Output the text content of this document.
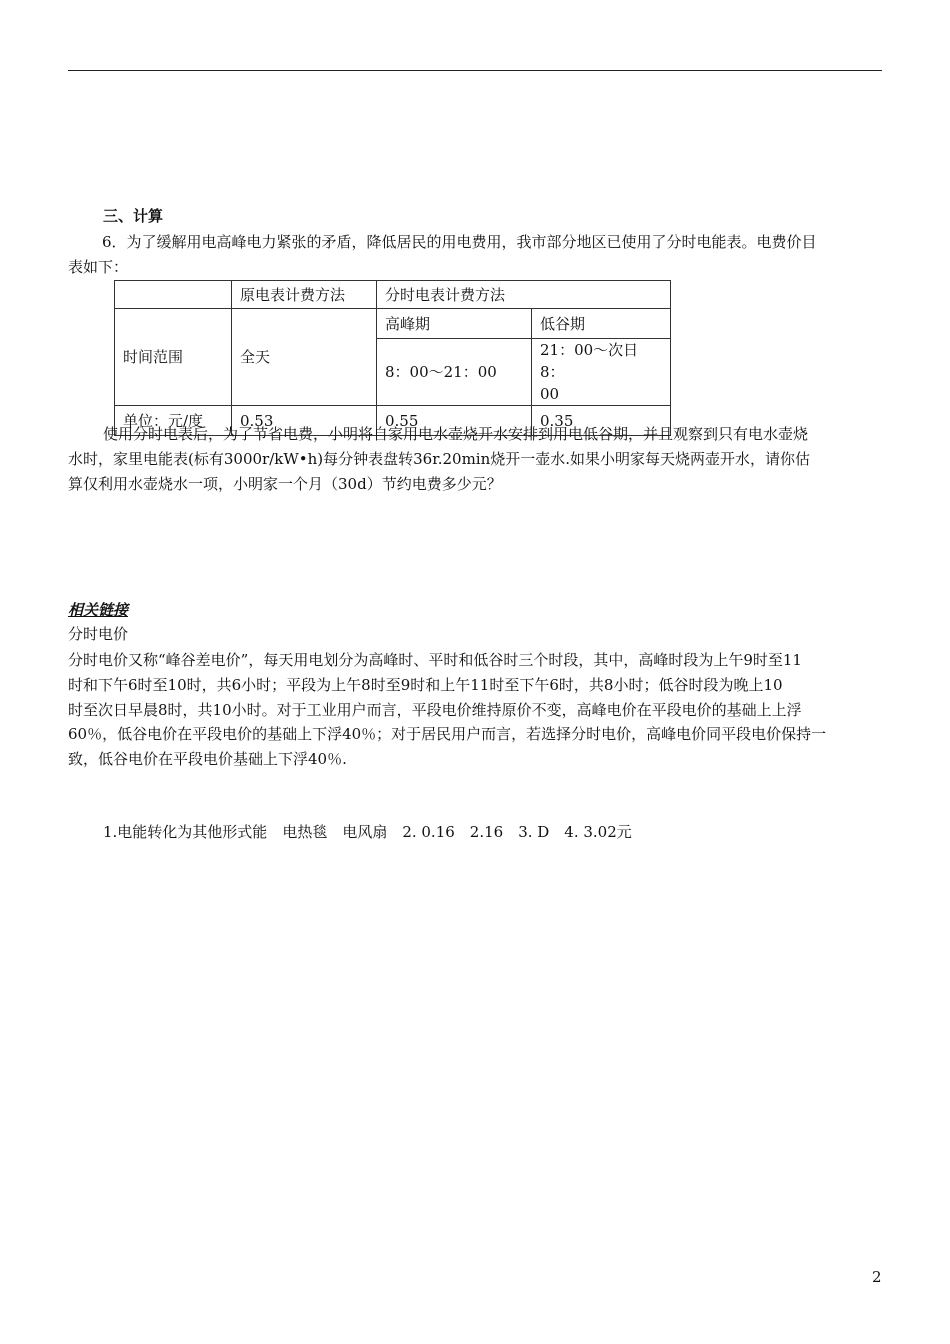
三、计算
6．为了缓解用电高峰电力紧张的矛盾，降低居民的用电费用，我市部分地区已使用了分时电能表。电费价目
表如下：
	原电表计费方法	分时电表计费方法	
时间范围	全天	高峰期	低谷期
		8：00～21：00	21：00～次日8：
00

单位：元/度	0.53	0.55	0.35
使用分时电表后，为了节省电费，小明将自家用电水壶烧开水安排到用电低谷期，并且观察到只有电水壶烧
水时，家里电能表(标有3000r/kW•h)每分钟表盘转36r.20min烧开一壶水.如果小明家每天烧两壶开水，请你估
算仅利用水壶烧水一项，小明家一个月（30d）节约电费多少元？
相关链接
分时电价
分时电价又称“峰谷差电价”，每天用电划分为高峰时、平时和低谷时三个时段，其中，高峰时段为上午9时至11
时和下午6时至10时，共6小时；平段为上午8时至9时和上午11时至下午6时，共8小时；低谷时段为晚上10
时至次日早晨8时，共10小时。对于工业用户而言，平段电价维持原价不变，高峰电价在平段电价的基础上上浮
60％，低谷电价在平段电价的基础上下浮40％；对于居民用户而言，若选择分时电价，高峰电价同平段电价保持一
致，低谷电价在平段电价基础上下浮40％.
1.电能转化为其他形式能　电热毯　电风扇　2. 0.16　2.16　3. D　4. 3.02元
2
